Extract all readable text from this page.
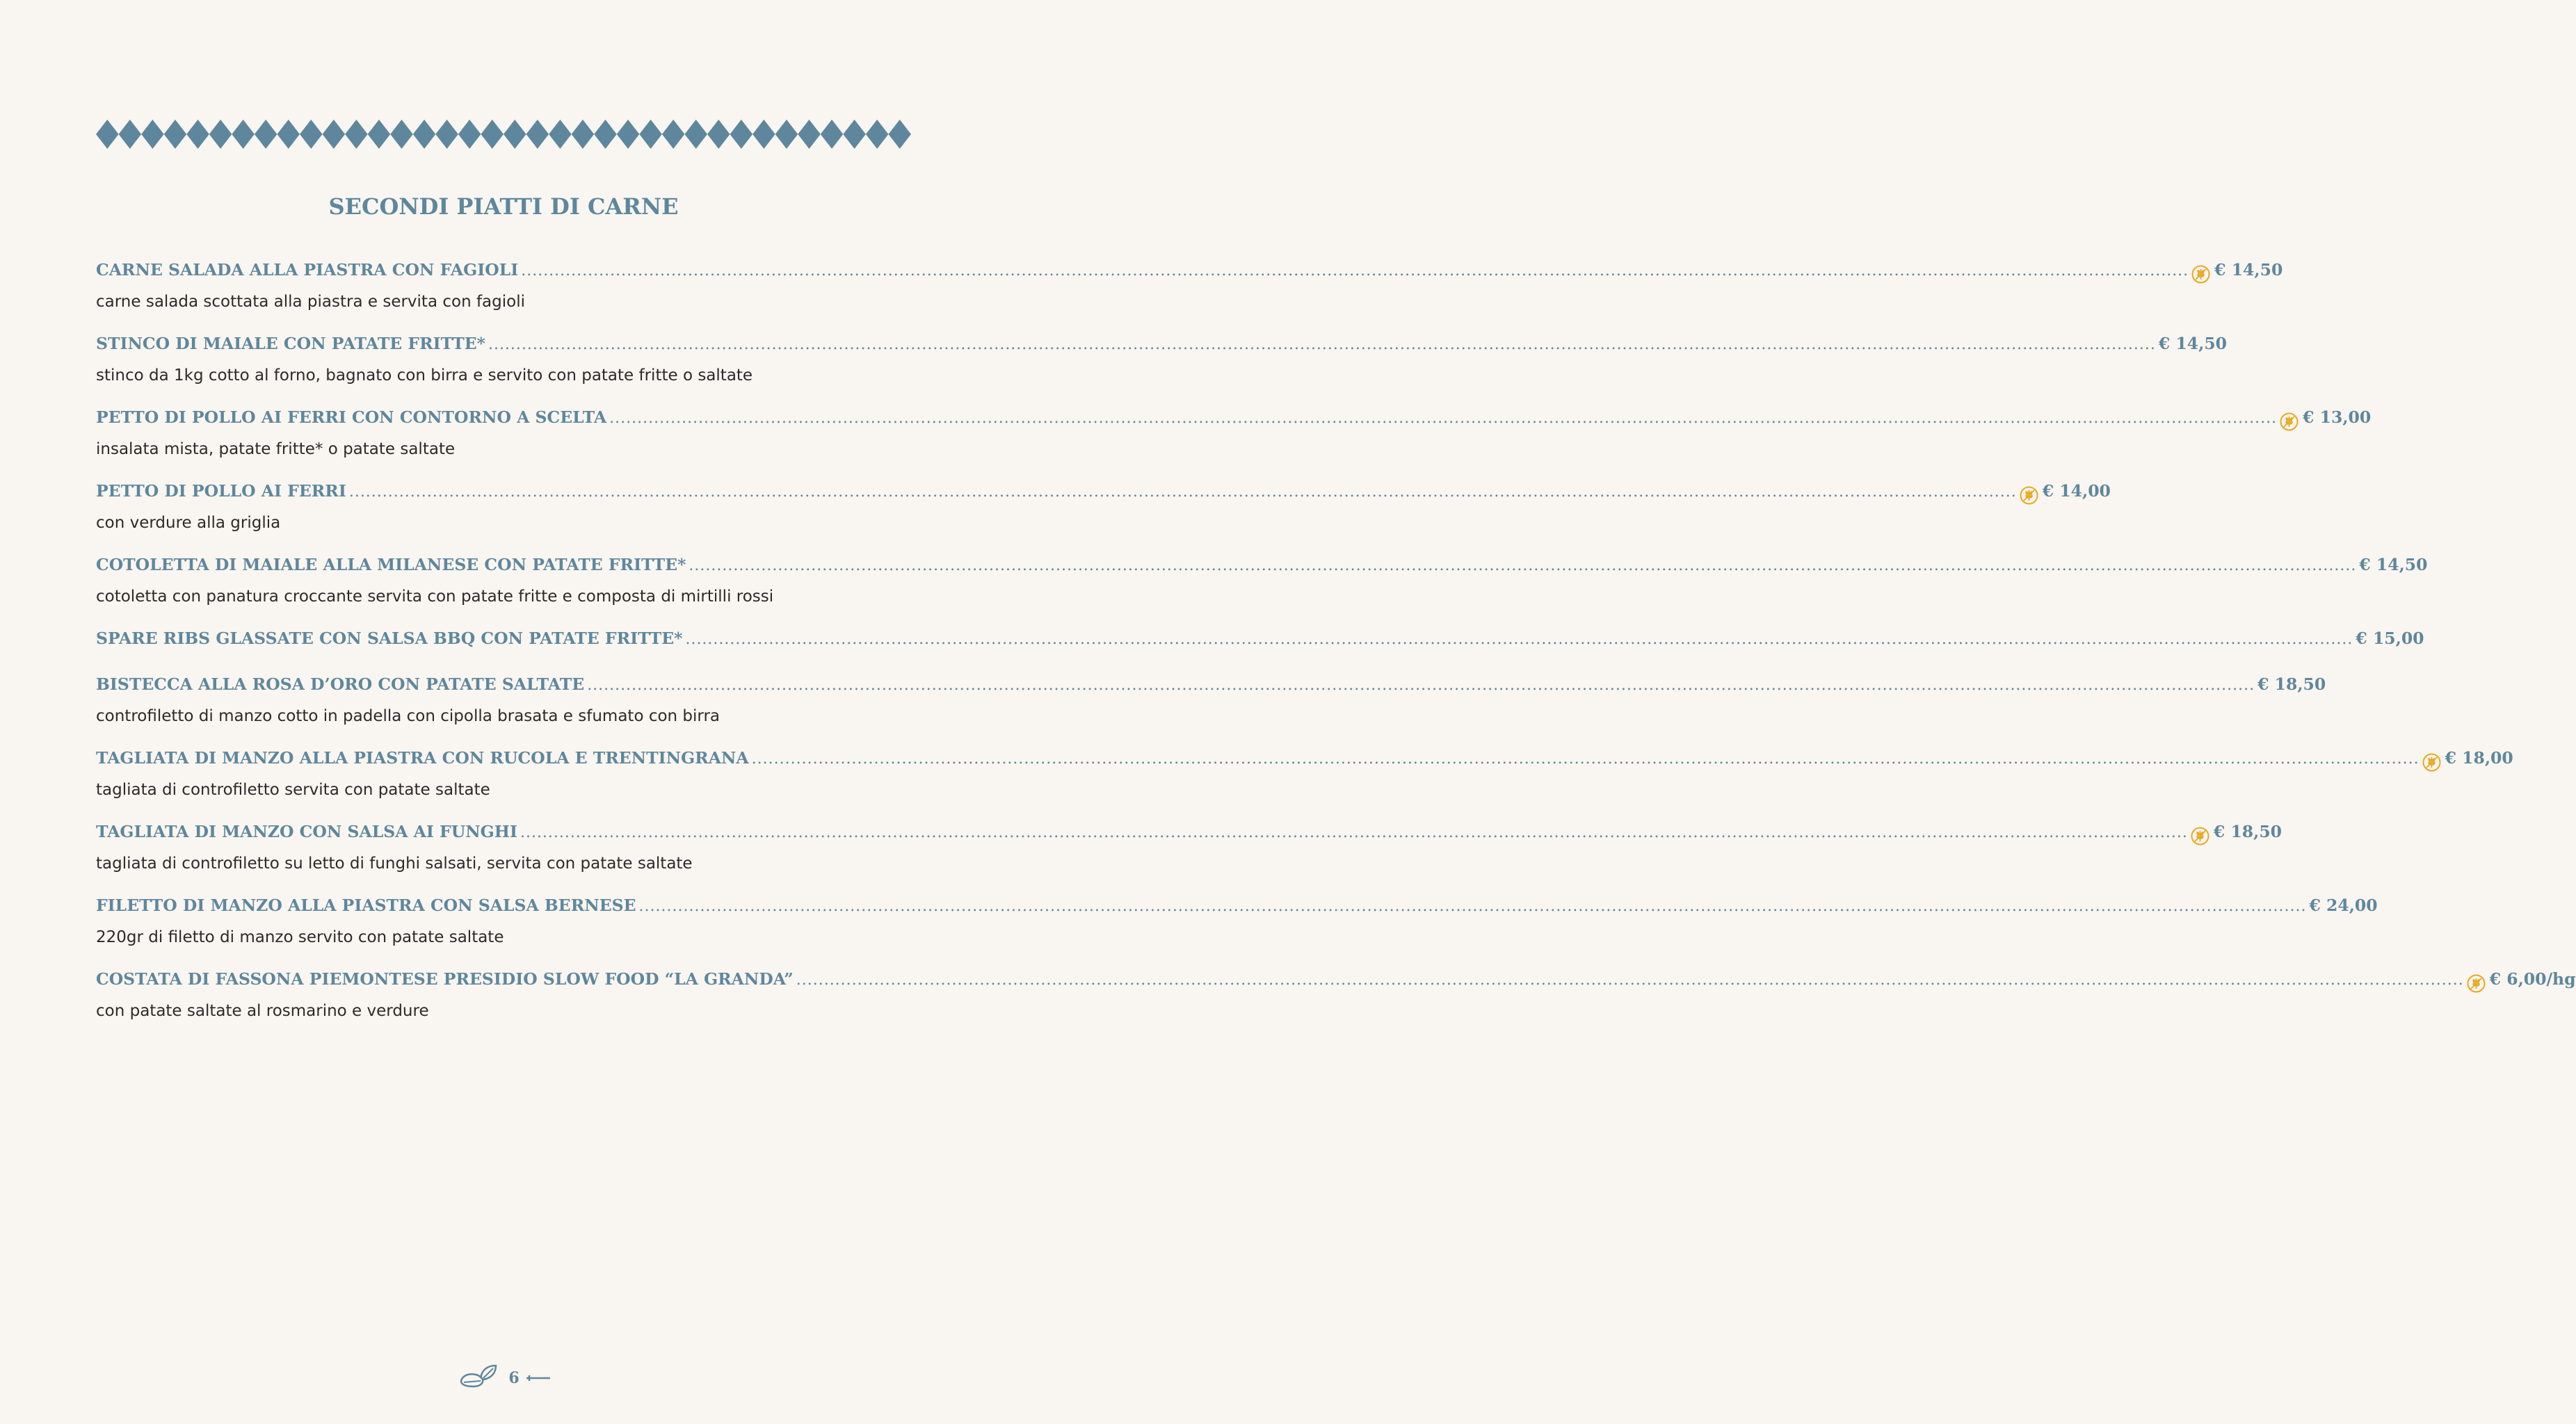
SECONDI PIATTI DI CARNE
CARNE SALADA ALLA PIASTRA CON FAGIOLI ............................................................................................................................................................................................................................................................................................................ € 14,50
carne salada scottata alla piastra e servita con fagioli
STINCO DI MAIALE CON PATATE FRITTE* ............................................................................................................................................................................................................................................................................................................ € 14,50
stinco da 1kg cotto al forno, bagnato con birra e servito con patate fritte o saltate
PETTO DI POLLO AI FERRI CON CONTORNO A SCELTA ............................................................................................................................................................................................................................................................................................................ € 13,00
insalata mista, patate fritte* o patate saltate
PETTO DI POLLO AI FERRI ............................................................................................................................................................................................................................................................................................................ € 14,00
con verdure alla griglia
COTOLETTA DI MAIALE ALLA MILANESE CON PATATE FRITTE* ............................................................................................................................................................................................................................................................................................................ € 14,50
cotoletta con panatura croccante servita con patate fritte e composta di mirtilli rossi
SPARE RIBS GLASSATE CON SALSA BBQ CON PATATE FRITTE* ............................................................................................................................................................................................................................................................................................................ € 15,00
BISTECCA ALLA ROSA D’ORO CON PATATE SALTATE ............................................................................................................................................................................................................................................................................................................ € 18,50
controfiletto di manzo cotto in padella con cipolla brasata e sfumato con birra
TAGLIATA DI MANZO ALLA PIASTRA CON RUCOLA E TRENTINGRANA ............................................................................................................................................................................................................................................................................................................ € 18,00
tagliata di controfiletto servita con patate saltate
TAGLIATA DI MANZO CON SALSA AI FUNGHI ............................................................................................................................................................................................................................................................................................................ € 18,50
tagliata di controfiletto su letto di funghi salsati, servita con patate saltate
FILETTO DI MANZO ALLA PIASTRA CON SALSA BERNESE ............................................................................................................................................................................................................................................................................................................ € 24,00
220gr di filetto di manzo servito con patate saltate
COSTATA DI FASSONA PIEMONTESE PRESIDIO SLOW FOOD “LA GRANDA” ............................................................................................................................................................................................................................................................................................................ € 6,00/hg
con patate saltate al rosmarino e verdure
6
